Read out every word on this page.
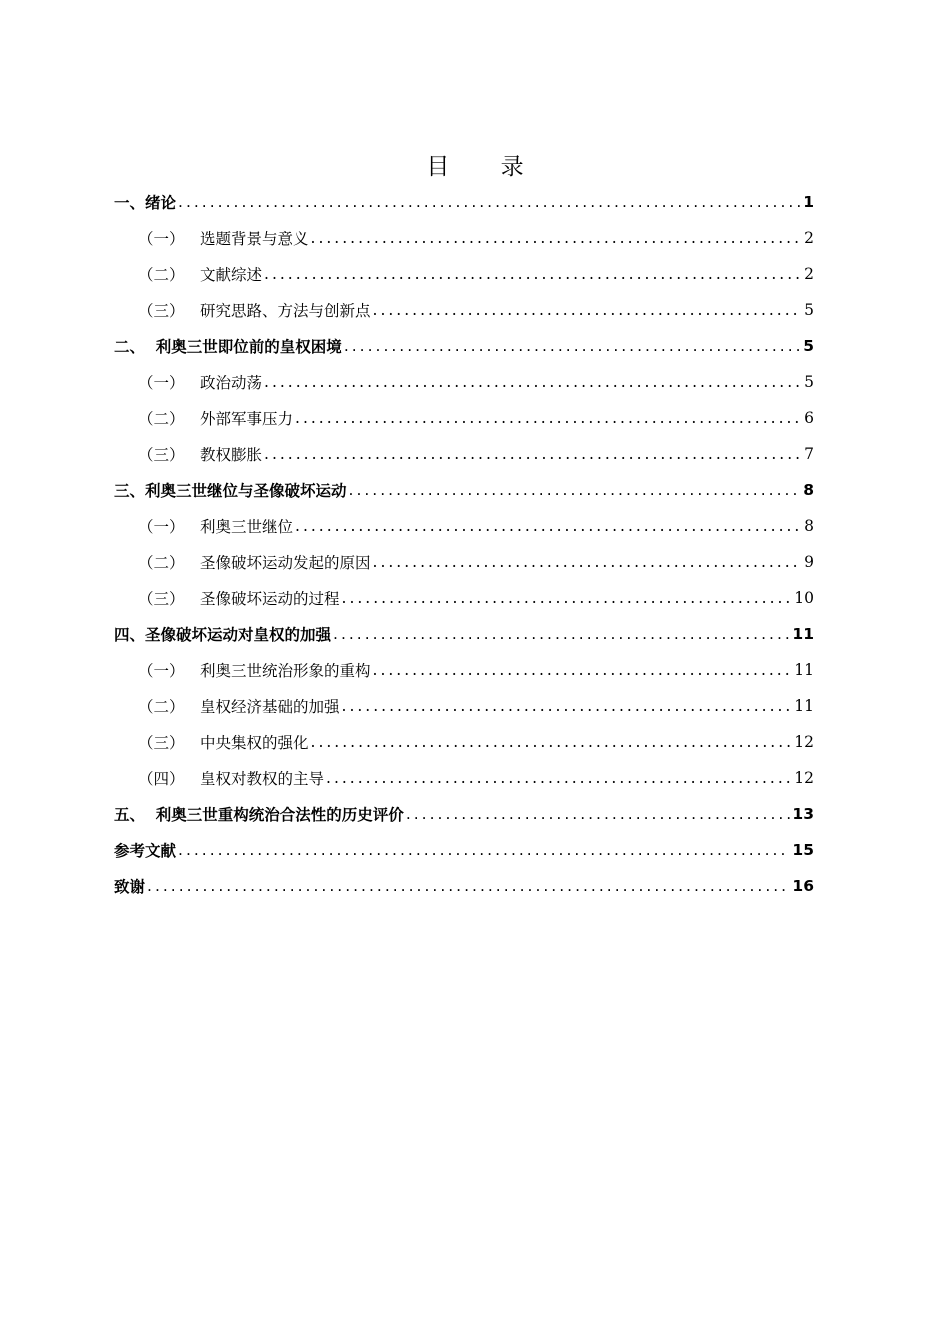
目 录
一、 绪论 .....	1
（一） 选题背景与意义 .....	2
（二） 文献综述 .....	2
（三） 研究思路、方法与创新点 .....	5
二、 利奥三世即位前的皇权困境 .....	5
（一） 政治动荡 .....	5
（二） 外部军事压力 .....	6
（三） 教权膨胀 .....	7
三、 利奥三世继位与圣像破坏运动 .....	8
（一） 利奥三世继位 .....	8
（二） 圣像破坏运动发起的原因 .....	9
（三） 圣像破坏运动的过程 .....	10
四、 圣像破坏运动对皇权的加强 .....	11
（一） 利奥三世统治形象的重构 .....	11
（二） 皇权经济基础的加强 .....	11
（三） 中央集权的强化 .....	12
（四） 皇权对教权的主导 .....	12
五、 利奥三世重构统治合法性的历史评价 .....	13
参考文献 .....	15
致谢 .....	16
